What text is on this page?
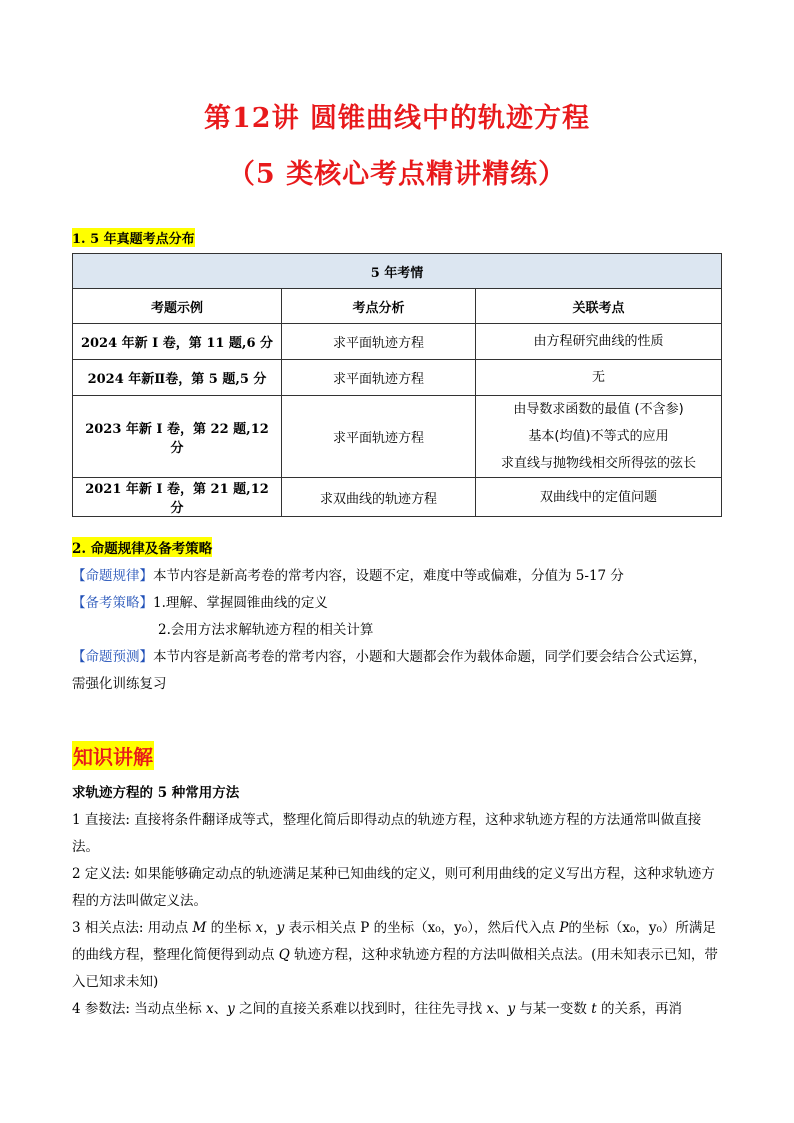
第12讲 圆锥曲线中的轨迹方程
（5 类核心考点精讲精练）
1. 5 年真题考点分布
5 年考情		
考题示例	考点分析	关联考点
2024 年新 I 卷，第 11 题,6 分	求平面轨迹方程	由方程研究曲线的性质
2024 年新Ⅱ卷，第 5 题,5 分	求平面轨迹方程	无
2023 年新 I 卷，第 22 题,12 分	求平面轨迹方程	由导数求函数的最值 (不含参)
基本(均值)不等式的应用
求直线与抛物线相交所得弦的弦长

2021 年新 I 卷，第 21 题,12 分	求双曲线的轨迹方程	双曲线中的定值问题
2. 命题规律及备考策略
【命题规律】本节内容是新高考卷的常考内容，设题不定，难度中等或偏难，分值为 5-17 分
【备考策略】1.理解、掌握圆锥曲线的定义
2.会用方法求解轨迹方程的相关计算
【命题预测】本节内容是新高考卷的常考内容，小题和大题都会作为载体命题，同学们要会结合公式运算，
需强化训练复习
知识讲解
求轨迹方程的 5 种常用方法
1 直接法: 直接将条件翻译成等式，整理化简后即得动点的轨迹方程，这种求轨迹方程的方法通常叫做直接法。
2 定义法: 如果能够确定动点的轨迹满足某种已知曲线的定义，则可利用曲线的定义写出方程，这种求轨迹方程的方法叫做定义法。
3 相关点法: 用动点 M 的坐标 x，y 表示相关点 P 的坐标（x₀，y₀），然后代入点 P的坐标（x₀，y₀）所满足的曲线方程，整理化简便得到动点 Q 轨迹方程，这种求轨迹方程的方法叫做相关点法。(用未知表示已知，带入已知求未知)
4 参数法: 当动点坐标 x、y 之间的直接关系难以找到时，往往先寻找 x、y 与某一变数 t 的关系，再消
